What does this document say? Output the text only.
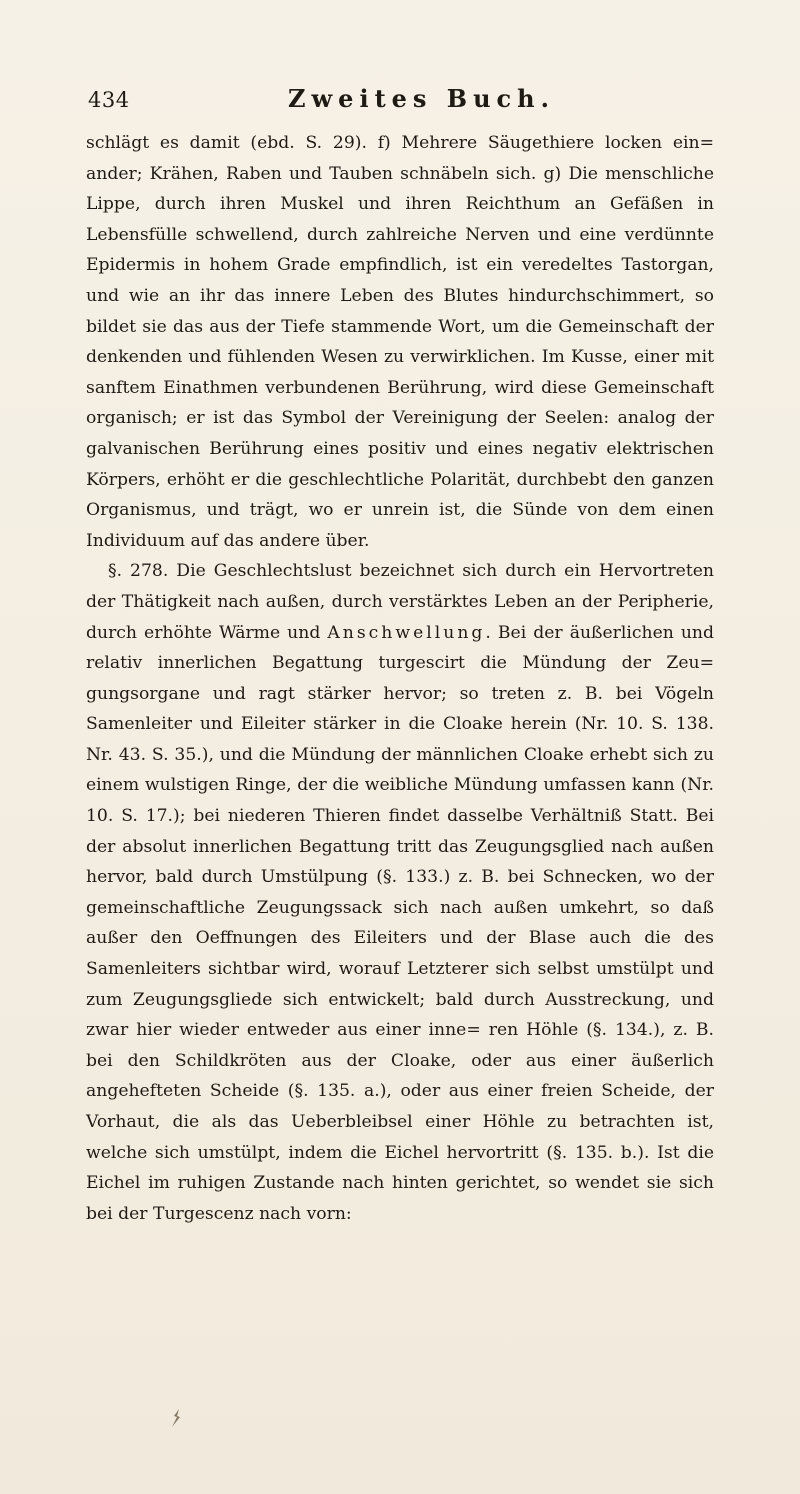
434	Zweites Buch.

schlägt es damit (ebd. S. 29). f) Mehrere Säugethiere locken ein= ander; Krähen, Raben und Tauben schnäbeln sich. g) Die menschliche Lippe, durch ihren Muskel und ihren Reichthum an Gefäßen in Lebensfülle schwellend, durch zahlreiche Nerven und eine verdünnte Epidermis in hohem Grade empfindlich, ist ein veredeltes Tastorgan, und wie an ihr das innere Leben des Blutes hindurchschimmert, so bildet sie das aus der Tiefe stammende Wort, um die Gemeinschaft der denkenden und fühlenden Wesen zu verwirklichen. Im Kusse, einer mit sanftem Einathmen verbundenen Berührung, wird diese Gemeinschaft organisch; er ist das Symbol der Vereinigung der Seelen: analog der galvanischen Berührung eines positiv und eines negativ elektrischen Körpers, erhöht er die geschlechtliche Polarität, durchbebt den ganzen Organismus, und trägt, wo er unrein ist, die Sünde von dem einen Individuum auf das andere über.

§. 278. Die Geschlechtslust bezeichnet sich durch ein Hervortreten der Thätigkeit nach außen, durch verstärktes Leben an der Peripherie, durch erhöhte Wärme und Anschwellung. Bei der äußerlichen und relativ innerlichen Begattung turgescirt die Mündung der Zeu= gungsorgane und ragt stärker hervor; so treten z. B. bei Vögeln Samenleiter und Eileiter stärker in die Cloake herein (Nr. 10. S. 138. Nr. 43. S. 35.), und die Mündung der männlichen Cloake erhebt sich zu einem wulstigen Ringe, der die weibliche Mündung umfassen kann (Nr. 10. S. 17.); bei niederen Thieren findet dasselbe Verhältniß Statt. Bei der absolut innerlichen Begattung tritt das Zeugungsglied nach außen hervor, bald durch Umstülpung (§. 133.) z. B. bei Schnecken, wo der gemeinschaftliche Zeugungssack sich nach außen umkehrt, so daß außer den Oeffnungen des Eileiters und der Blase auch die des Samenleiters sichtbar wird, worauf Letzterer sich selbst umstülpt und zum Zeugungsgliede sich entwickelt; bald durch Ausstreckung, und zwar hier wieder entweder aus einer inne= ren Höhle (§. 134.), z. B. bei den Schildkröten aus der Cloake, oder aus einer äußerlich angehefteten Scheide (§. 135. a.), oder aus einer freien Scheide, der Vorhaut, die als das Ueberbleibsel einer Höhle zu betrachten ist, welche sich umstülpt, indem die Eichel hervortritt (§. 135. b.). Ist die Eichel im ruhigen Zustande nach hinten gerichtet, so wendet sie sich bei der Turgescenz nach vorn:
